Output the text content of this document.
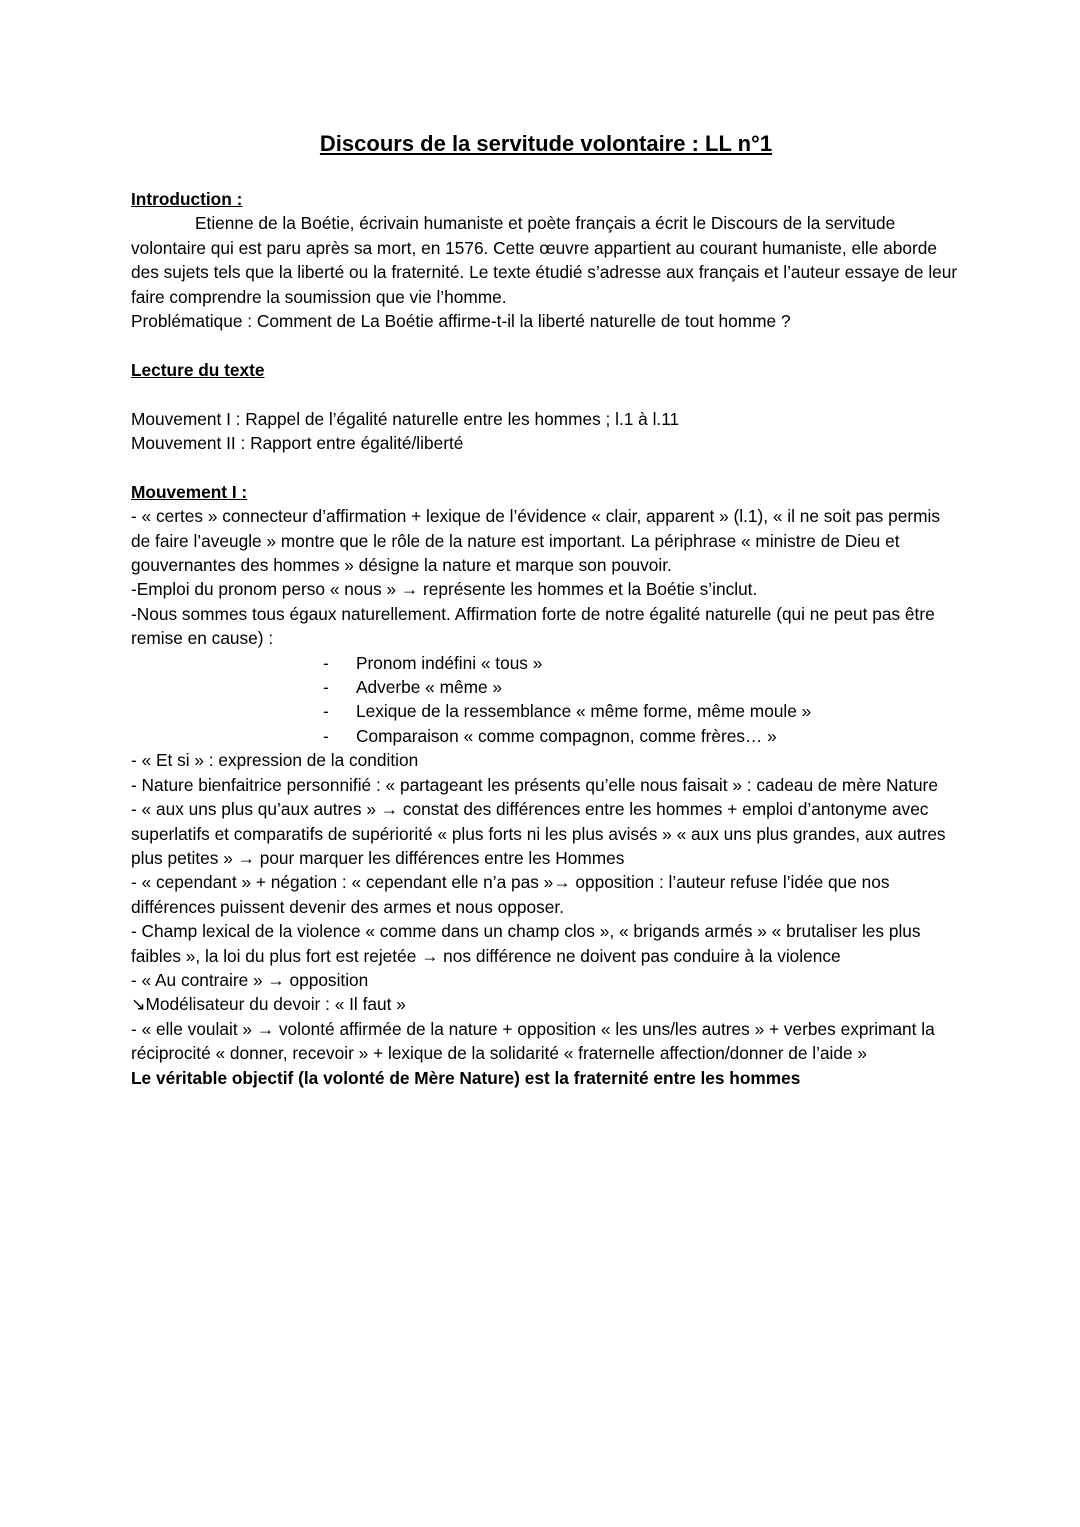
Discours de la servitude volontaire : LL n°1

Introduction :

Etienne de la Boétie, écrivain humaniste et poète français a écrit le Discours de la servitude volontaire qui est paru après sa mort, en 1576. Cette œuvre appartient au courant humaniste, elle aborde des sujets tels que la liberté ou la fraternité. Le texte étudié s’adresse aux français et l’auteur essaye de leur faire comprendre la soumission que vie l’homme.

Problématique : Comment de La Boétie affirme-t-il la liberté naturelle de tout homme ?

Lecture du texte

Mouvement I : Rappel de l’égalité naturelle entre les hommes ; l.1 à l.11

Mouvement II : Rapport entre égalité/liberté

Mouvement I :

- « certes » connecteur d’affirmation + lexique de l’évidence « clair, apparent » (l.1), « il ne soit pas permis de faire l’aveugle » montre que le rôle de la nature est important. La périphrase « ministre de Dieu et gouvernantes des hommes » désigne la nature et marque son pouvoir.

-Emploi du pronom perso « nous » → représente les hommes et la Boétie s’inclut.

-Nous sommes tous égaux naturellement. Affirmation forte de notre égalité naturelle (qui ne peut pas être remise en cause) :

- Pronom indéfini « tous »
- Adverbe « même »
- Lexique de la ressemblance « même forme, même moule »
- Comparaison « comme compagnon, comme frères… »

- « Et si » : expression de la condition

- Nature bienfaitrice personnifié : « partageant les présents qu’elle nous faisait » : cadeau de mère Nature

- « aux uns plus qu’aux autres » → constat des différences entre les hommes + emploi d’antonyme avec superlatifs et comparatifs de supériorité « plus forts ni les plus avisés » « aux uns plus grandes, aux autres plus petites » → pour marquer les différences entre les Hommes

- « cependant » + négation : « cependant elle n’a pas »→ opposition : l’auteur refuse l’idée que nos différences puissent devenir des armes et nous opposer.

- Champ lexical de la violence « comme dans un champ clos », « brigands armés » « brutaliser les plus faibles », la loi du plus fort est rejetée → nos différence ne doivent pas conduire à la violence

- « Au contraire » → opposition

↘Modélisateur du devoir : « Il faut »

- « elle voulait » → volonté affirmée de la nature + opposition « les uns/les autres » + verbes exprimant la réciprocité « donner, recevoir » + lexique de la solidarité « fraternelle affection/donner de l’aide »

Le véritable objectif (la volonté de Mère Nature) est la fraternité entre les hommes
